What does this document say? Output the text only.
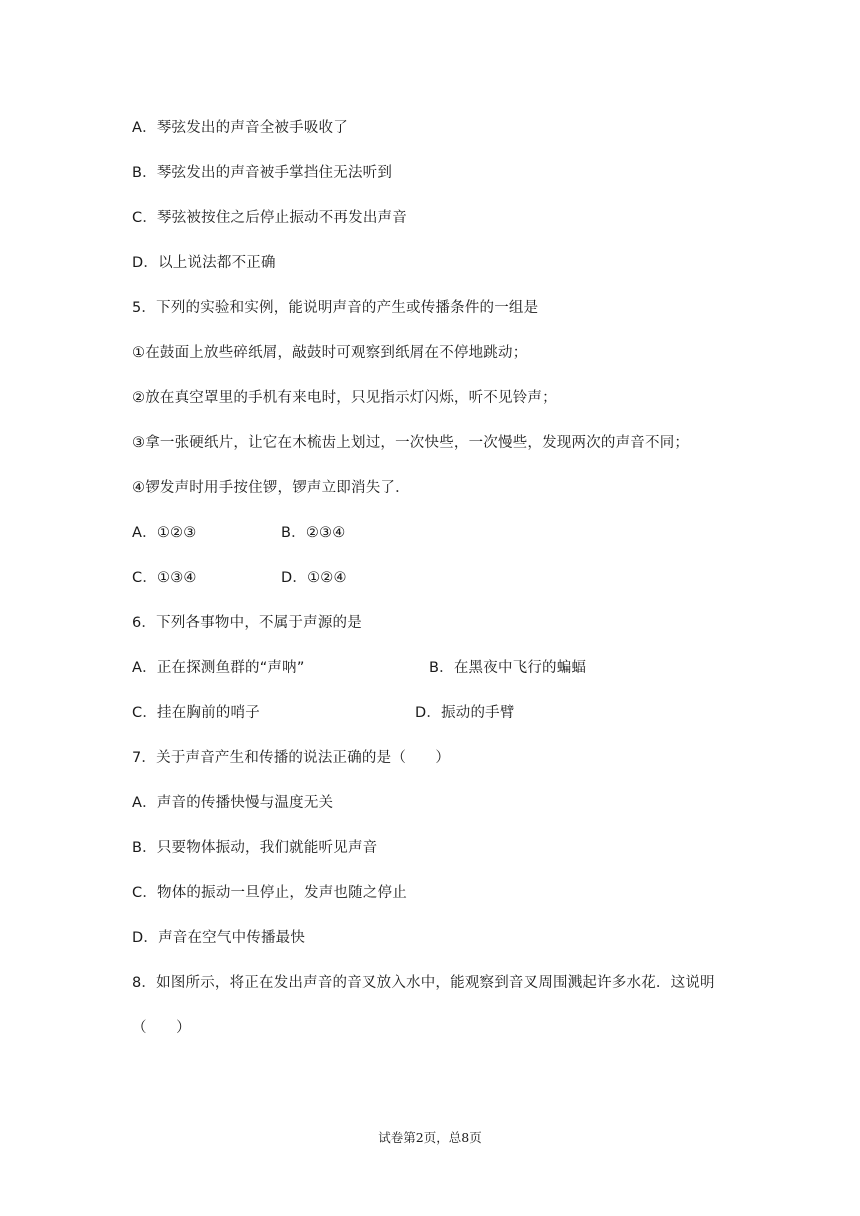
A．琴弦发出的声音全被手吸收了
B．琴弦发出的声音被手掌挡住无法听到
C．琴弦被按住之后停止振动不再发出声音
D．以上说法都不正确
5．下列的实验和实例，能说明声音的产生或传播条件的一组是
①在鼓面上放些碎纸屑，敲鼓时可观察到纸屑在不停地跳动；
②放在真空罩里的手机有来电时，只见指示灯闪烁，听不见铃声；
③拿一张硬纸片，让它在木梳齿上划过，一次快些，一次慢些，发现两次的声音不同；
④锣发声时用手按住锣，锣声立即消失了．
A．①②③	B．②③④
C．①③④	D．①②④
6．下列各事物中，不属于声源的是
A．正在探测鱼群的“声呐”	B．在黑夜中飞行的蝙蝠
C．挂在胸前的哨子	D．振动的手臂
7．关于声音产生和传播的说法正确的是（　　）
A．声音的传播快慢与温度无关
B．只要物体振动，我们就能听见声音
C．物体的振动一旦停止，发声也随之停止
D．声音在空气中传播最快
8．如图所示，将正在发出声音的音叉放入水中，能观察到音叉周围溅起许多水花．这说明
（　　）
试卷第2页，总8页
